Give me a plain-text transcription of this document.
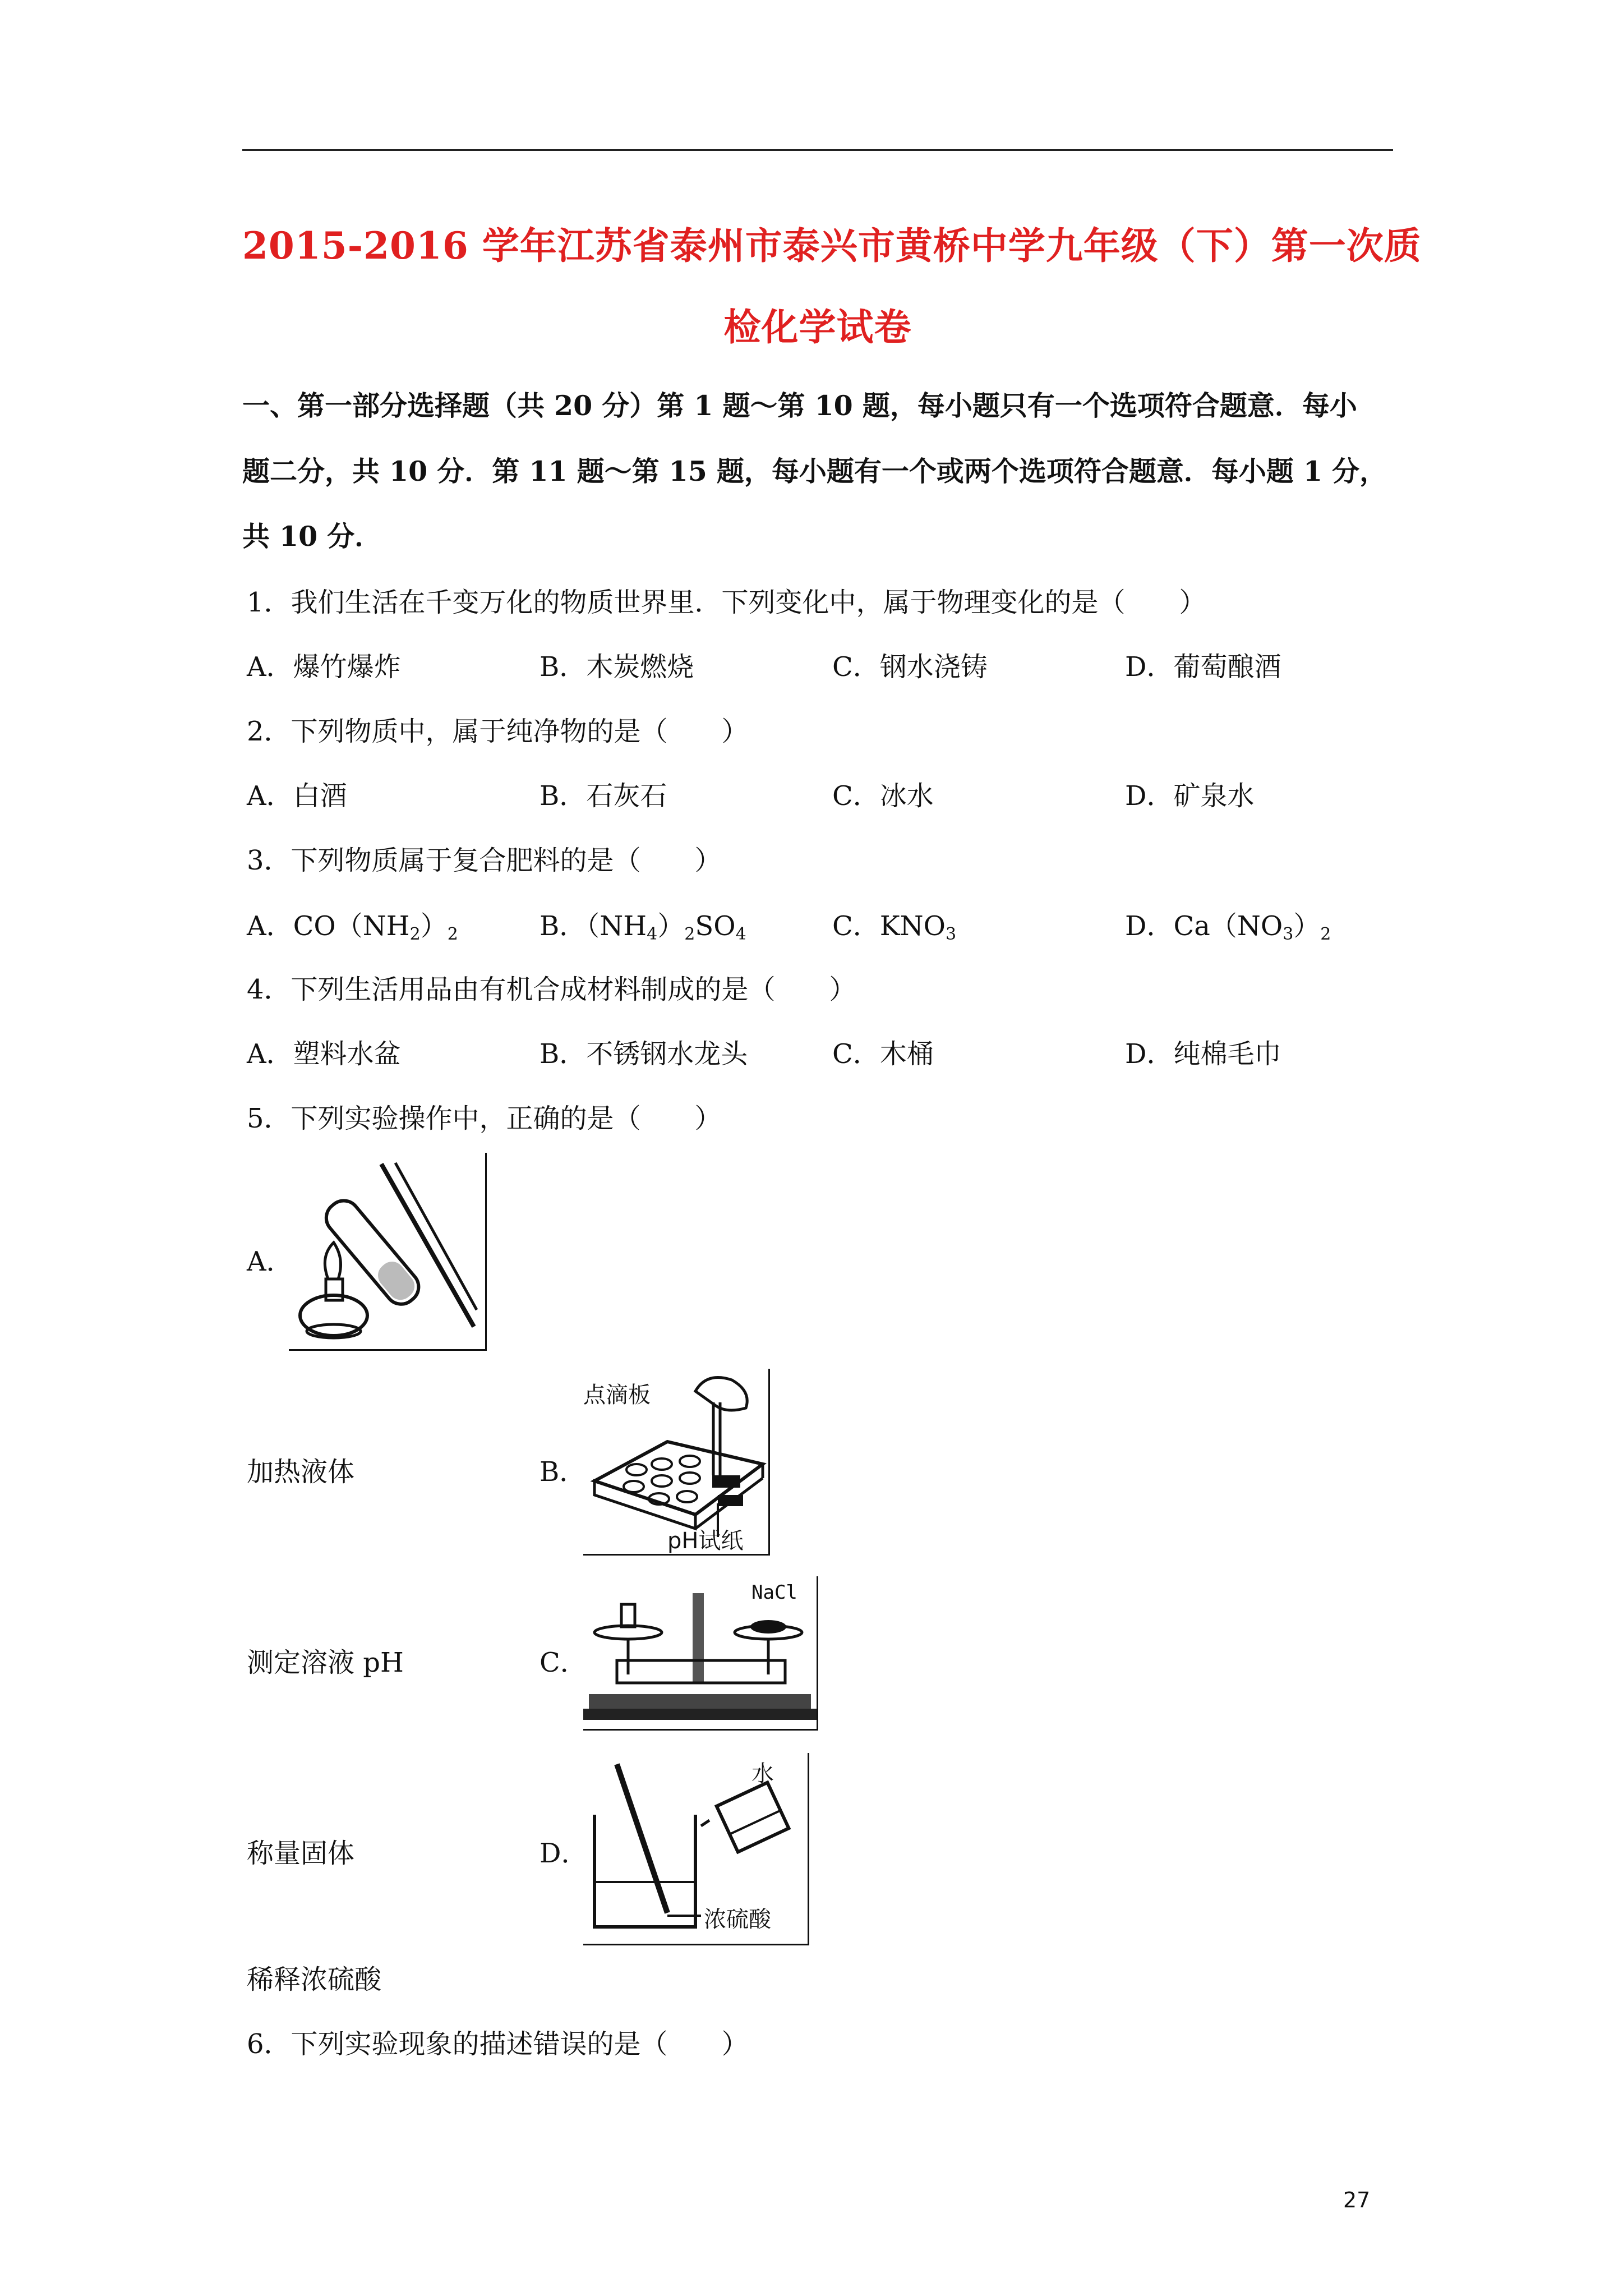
2015-2016 学年江苏省泰州市泰兴市黄桥中学九年级（下）第一次质
检化学试卷
一、第一部分选择题（共 20 分）第 1 题～第 10 题，每小题只有一个选项符合题意．每小
题二分，共 10 分．第 11 题～第 15 题，每小题有一个或两个选项符合题意．每小题 1 分，
共 10 分．
1．我们生活在千变万化的物质世界里．下列变化中，属于物理变化的是（　　）
A．爆竹爆炸	B．木炭燃烧	C．钢水浇铸	D．葡萄酿酒
2．下列物质中，属于纯净物的是（　　）
A．白酒	B．石灰石	C．冰水	D．矿泉水
3．下列物质属于复合肥料的是（　　）
A．$CO(NH_2)_2$	B．$(NH_4)_2SO_4$	C．$KNO_3$	D．$Ca(NO_3)_2$
4．下列生活用品由有机合成材料制成的是（　　）
A．塑料水盆	B．不锈钢水龙头	C．木桶	D．纯棉毛巾
5．下列实验操作中，正确的是（　　）
A．
加热液体	B．
点滴板
pH试纸
测定溶液 pH	C．
NaCl
称量固体	D．
水
浓硫酸
稀释浓硫酸
6．下列实验现象的描述错误的是（　　）
27
